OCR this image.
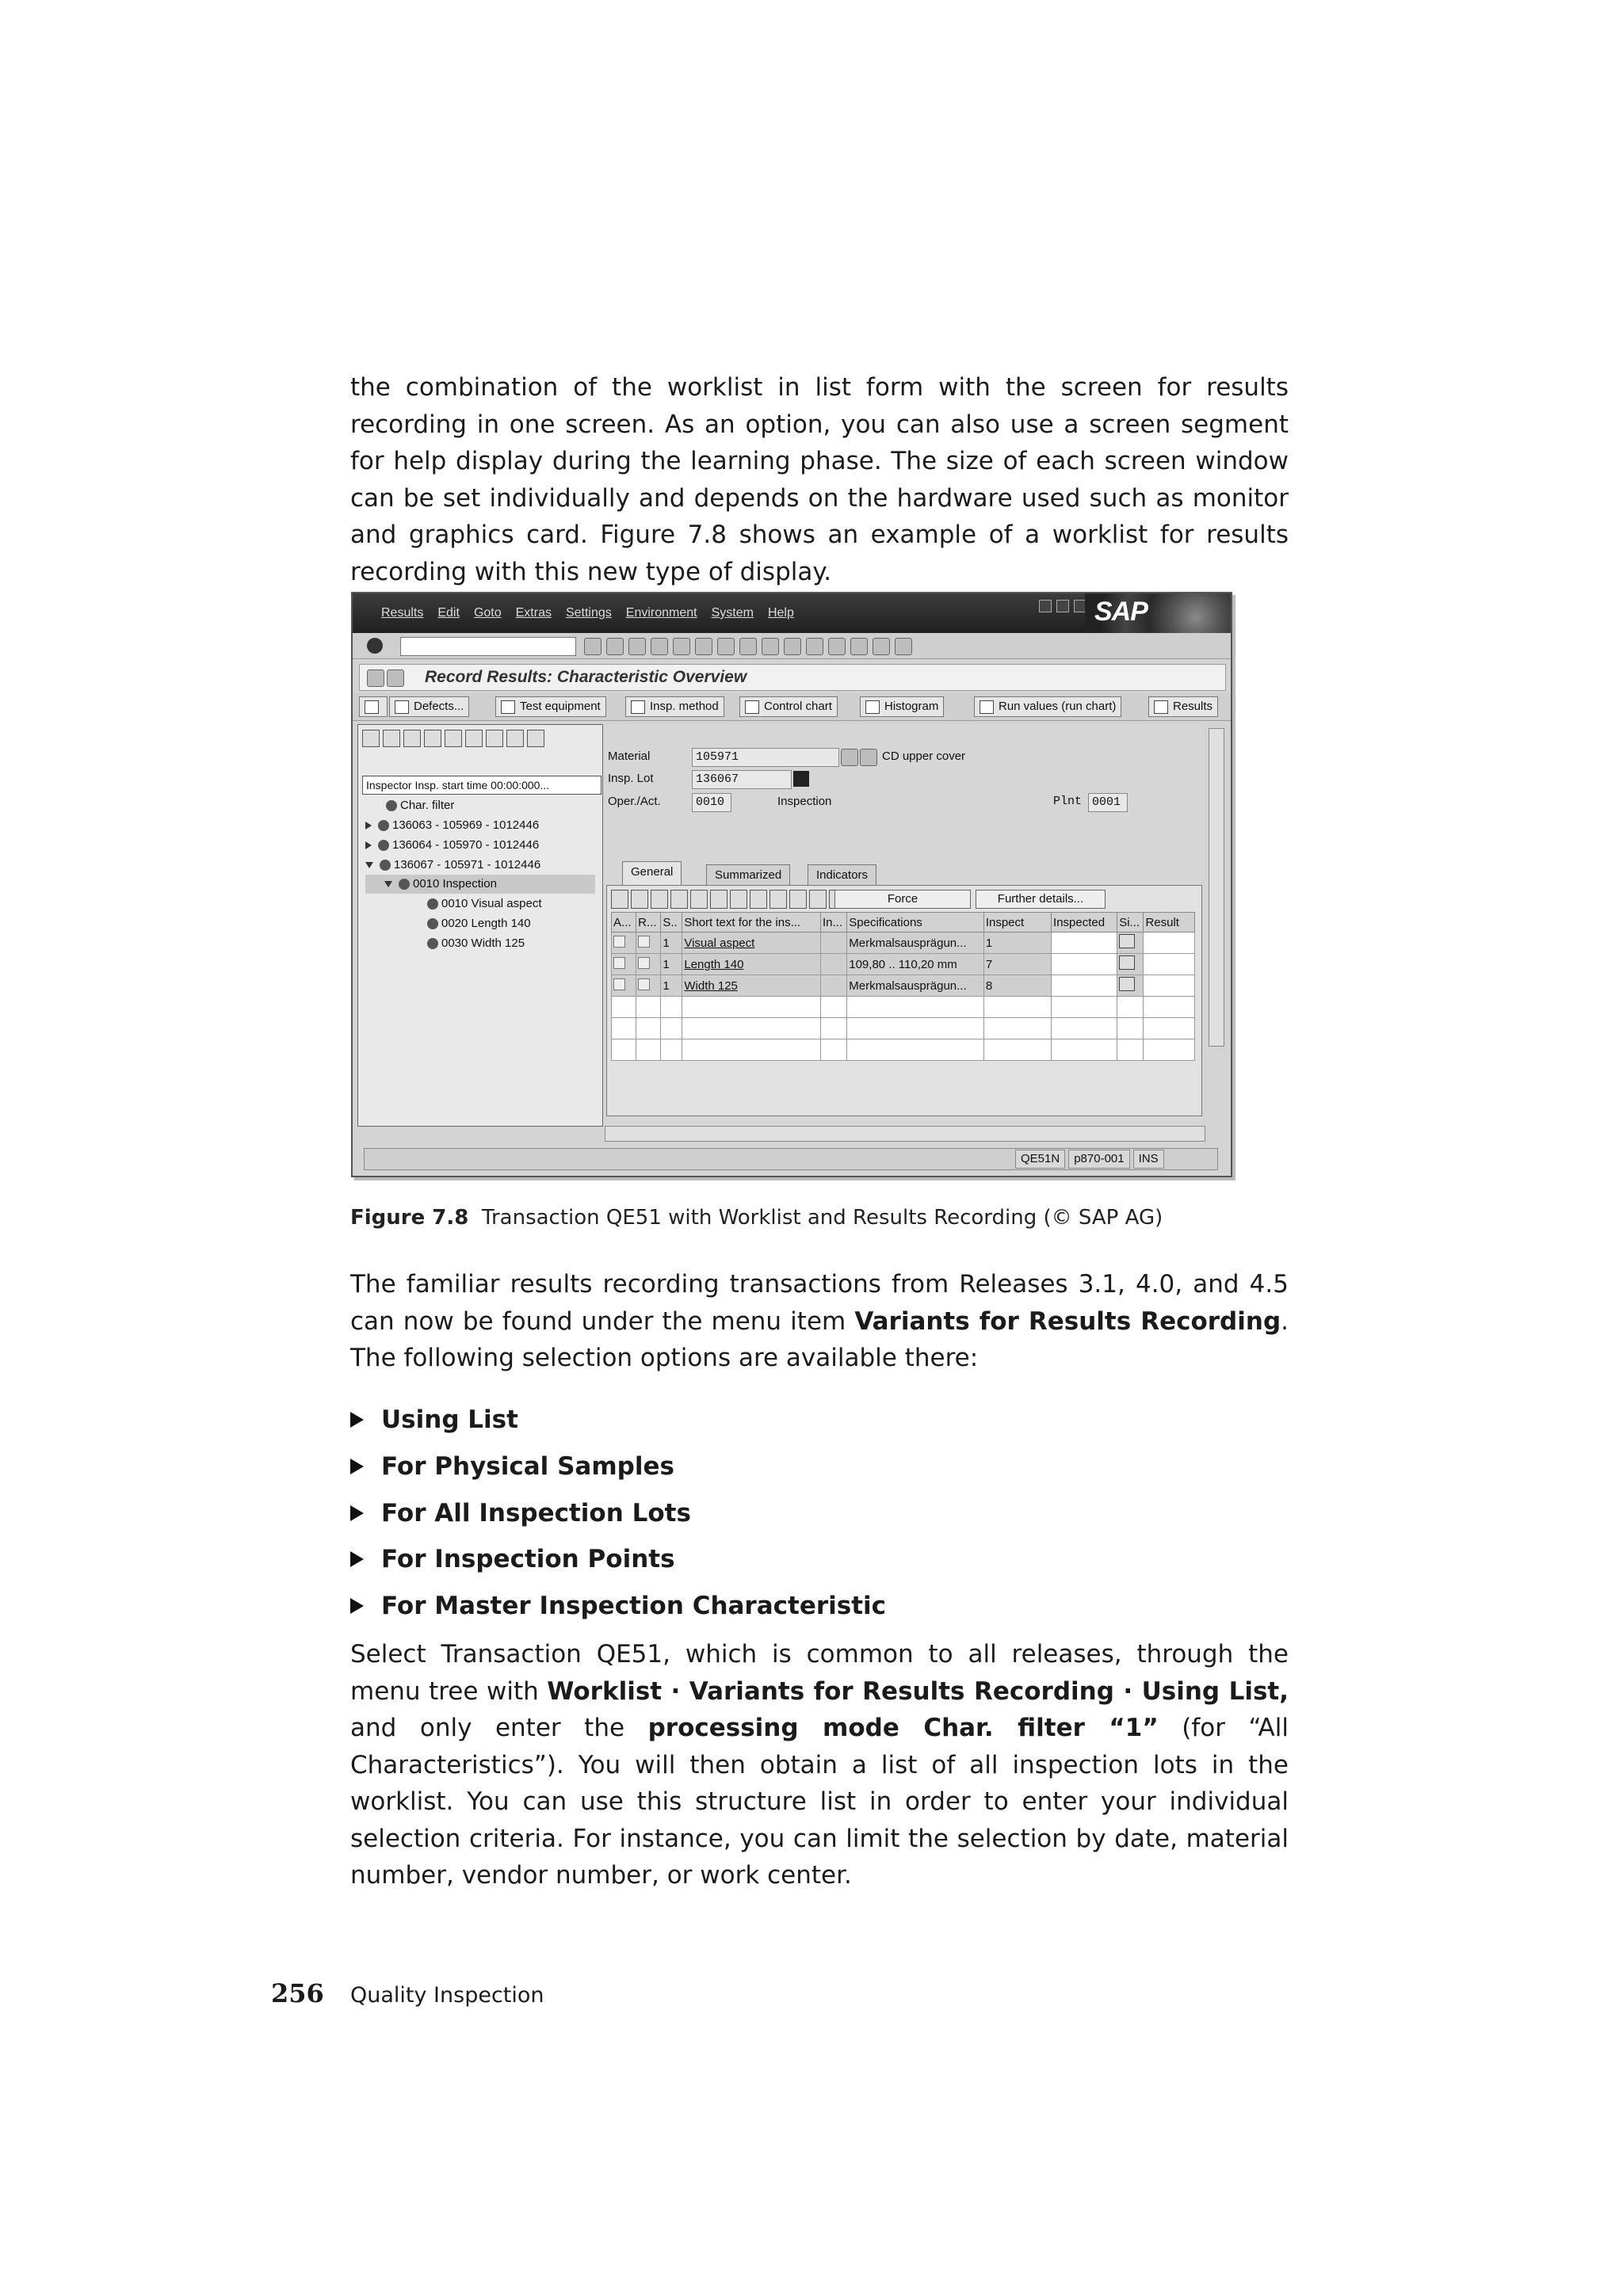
the combination of the worklist in list form with the screen for results recording in one screen. As an option, you can also use a screen segment for help display during the learning phase. The size of each screen window can be set individually and depends on the hardware used such as monitor and graphics card. Figure 7.8 shows an example of a worklist for results recording with this new type of display.

Results Edit Goto Extras Settings Environment System Help	SAP
Record Results: Characteristic Overview
Defects...	Test equipment	Insp. method	Control chart	Histogram	Run values (run chart)	Results
Inspector Insp. start time 00:00:000...
Char. filter
136063 - 105969 - 1012446
136064 - 105970 - 1012446
136067 - 105971 - 1012446
0010 Inspection
0010 Visual aspect
0020 Length 140
0030 Width 125
Material	105971	CD upper cover
Insp. Lot	136067
Oper./Act.	0010	Inspection	Plnt 0001
General	Summarized	Indicators
Force	Further details...
A...	R...	S..	Short text for the ins...	In...	Specifications	Inspect	Inspected	Si...	Result
		1	Visual aspect		Merkmalsausprägun...	1			
		1	Length 140		109,80 .. 110,20 mm	7			
		1	Width 125		Merkmalsausprägun...	8			

QE51N	p870-001	INS
Figure 7.8 Transaction QE51 with Worklist and Results Recording (© SAP AG)

The familiar results recording transactions from Releases 3.1, 4.0, and 4.5 can now be found under the menu item Variants for Results Recording. The following selection options are available there:

Using List
For Physical Samples
For All Inspection Lots
For Inspection Points
For Master Inspection Characteristic

Select Transaction QE51, which is common to all releases, through the menu tree with Worklist · Variants for Results Recording · Using List, and only enter the processing mode Char. filter “1” (for “All Characteristics”). You will then obtain a list of all inspection lots in the worklist. You can use this structure list in order to enter your individual selection criteria. For instance, you can limit the selection by date, material number, vendor number, or work center.

256	Quality Inspection
